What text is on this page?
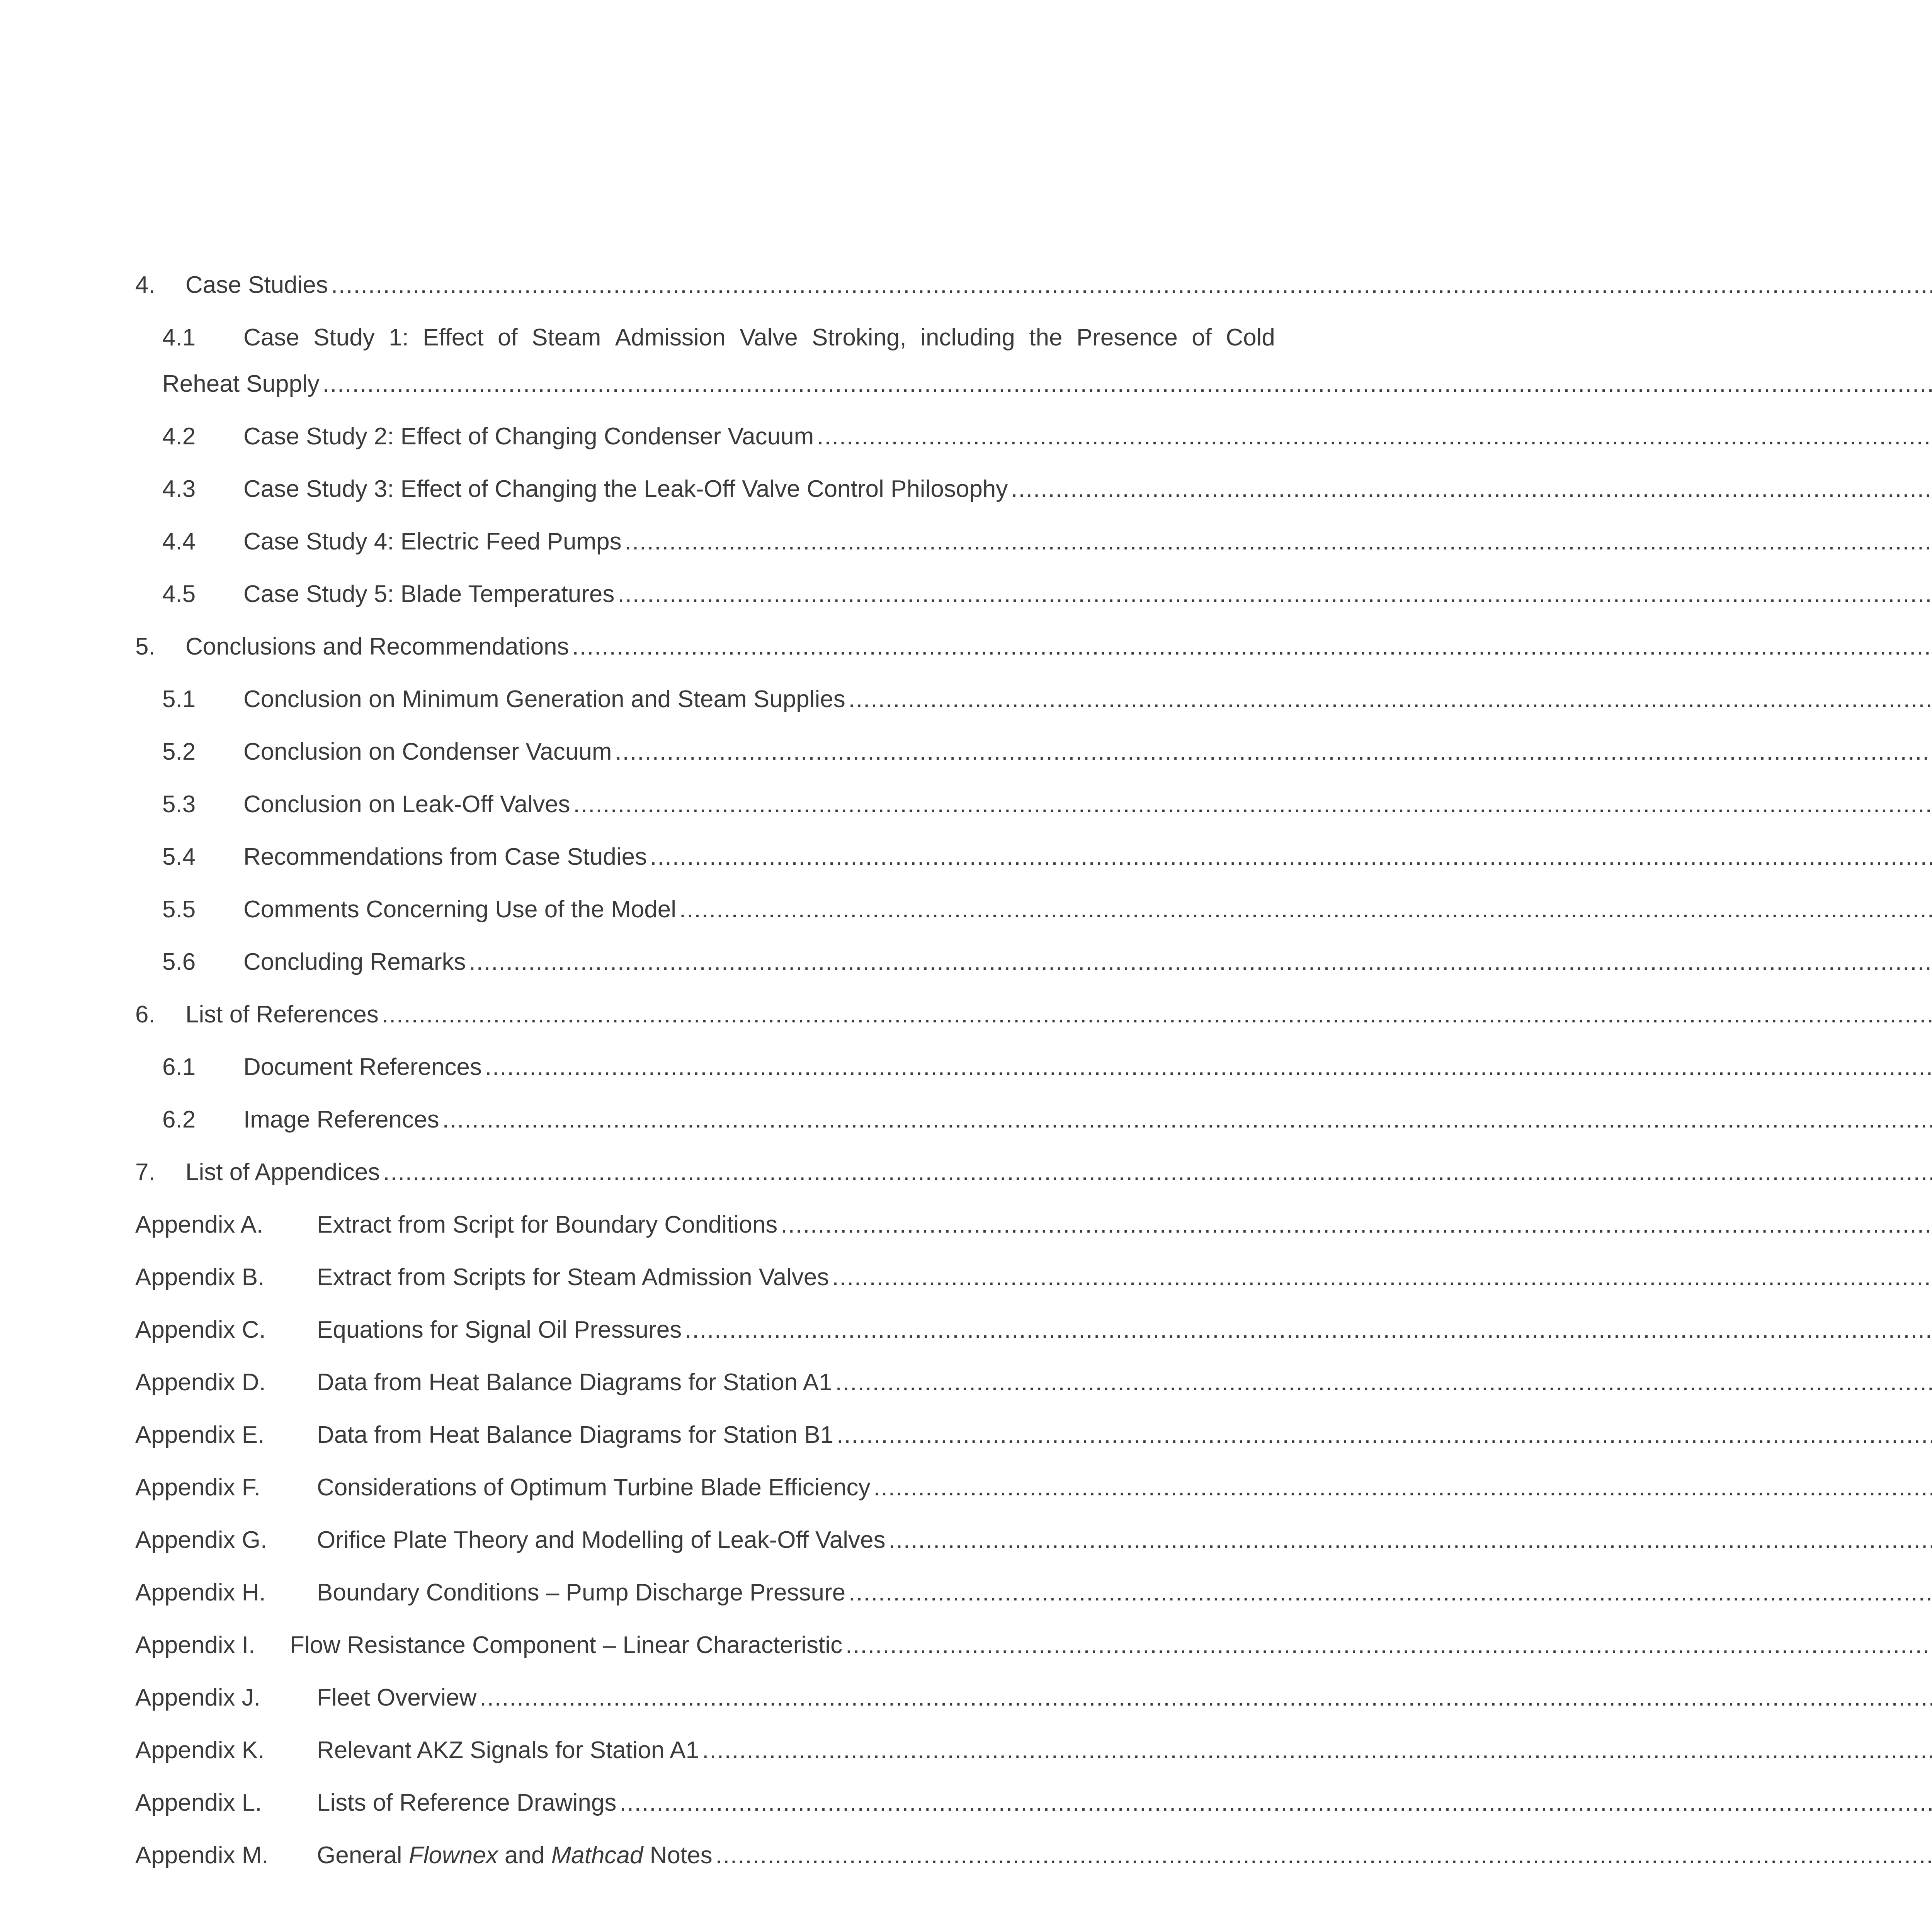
4.	Case Studies
.....
4.1	Case Study 1: Effect of Steam Admission Valve Stroking, including the Presence of Cold
Reheat Supply
.....
4.2	Case Study 2: Effect of Changing Condenser Vacuum
.....
4.3	Case Study 3: Effect of Changing the Leak-Off Valve Control Philosophy
.....
4.4	Case Study 4: Electric Feed Pumps
.....
4.5	Case Study 5: Blade Temperatures
.....
5.	Conclusions and Recommendations
.....
5.1	Conclusion on Minimum Generation and Steam Supplies
.....
5.2	Conclusion on Condenser Vacuum
.....
5.3	Conclusion on Leak-Off Valves
.....
5.4	Recommendations from Case Studies
.....
5.5	Comments Concerning Use of the Model
.....
5.6	Concluding Remarks
.....
6.	List of References
.....
6.1	Document References
.....
6.2	Image References
.....
7.	List of Appendices
.....
Appendix A.	Extract from Script for Boundary Conditions
.....
Appendix B.	Extract from Scripts for Steam Admission Valves
.....
Appendix C.	Equations for Signal Oil Pressures
.....
Appendix D.	Data from Heat Balance Diagrams for Station A1
.....
Appendix E.	Data from Heat Balance Diagrams for Station B1
.....
Appendix F.	Considerations of Optimum Turbine Blade Efficiency
.....
Appendix G.	Orifice Plate Theory and Modelling of Leak-Off Valves
.....
Appendix H.	Boundary Conditions – Pump Discharge Pressure
.....
Appendix I.	Flow Resistance Component – Linear Characteristic
.....
Appendix J.	Fleet Overview
.....
Appendix K.	Relevant AKZ Signals for Station A1
.....
Appendix L.	Lists of Reference Drawings
.....
Appendix M.	General Flownex and Mathcad Notes
.....
